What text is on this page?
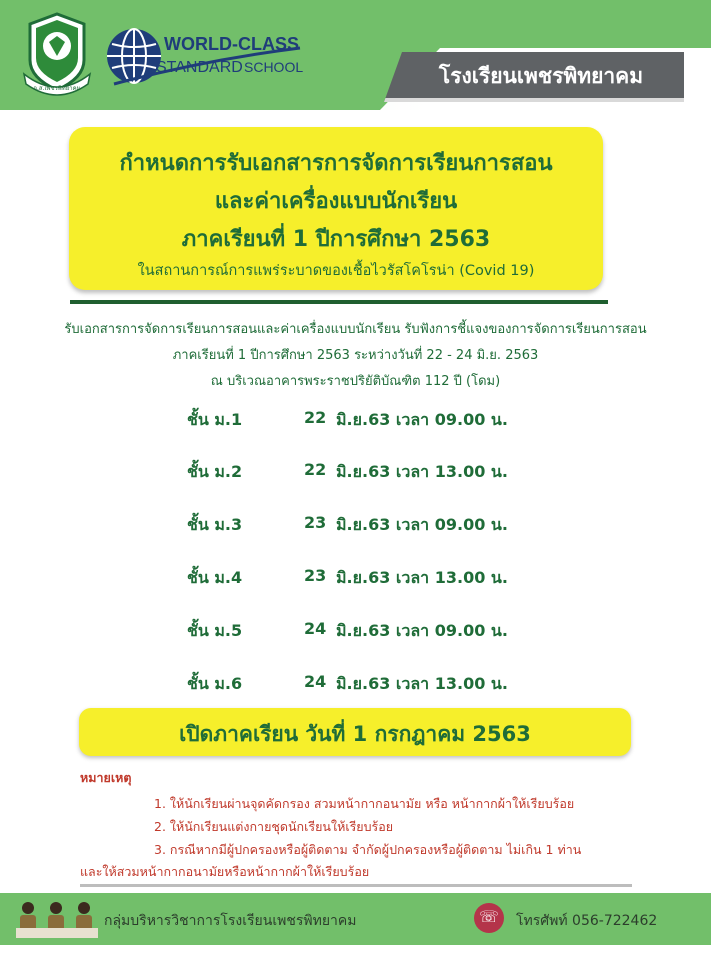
อ.ส.เพชรพิทยาคม
WORLD-CLASS
STANDARD SCHOOL	โรงเรียนเพชรพิทยาคม
กำหนดการรับเอกสารการจัดการเรียนการสอน
และค่าเครื่องแบบนักเรียน
ภาคเรียนที่ 1 ปีการศึกษา 2563
ในสถานการณ์การแพร่ระบาดของเชื้อไวรัสโคโรน่า (Covid 19)
รับเอกสารการจัดการเรียนการสอนและค่าเครื่องแบบนักเรียน รับฟังการชี้แจงของการจัดการเรียนการสอน
ภาคเรียนที่ 1 ปีการศึกษา 2563 ระหว่างวันที่ 22 - 24 มิ.ย. 2563
ณ บริเวณอาคารพระราชปริยัติบัณฑิต 112 ปี (โดม)
ชั้น ม.1	22 มิ.ย.63 เวลา 09.00 น.
ชั้น ม.2	22 มิ.ย.63 เวลา 13.00 น.
ชั้น ม.3	23 มิ.ย.63 เวลา 09.00 น.
ชั้น ม.4	23 มิ.ย.63 เวลา 13.00 น.
ชั้น ม.5	24 มิ.ย.63 เวลา 09.00 น.
ชั้น ม.6	24 มิ.ย.63 เวลา 13.00 น.
เปิดภาคเรียน วันที่ 1 กรกฎาคม 2563
หมายเหตุ
1. ให้นักเรียนผ่านจุดคัดกรอง สวมหน้ากากอนามัย หรือ หน้ากากผ้าให้เรียบร้อย
2. ให้นักเรียนแต่งกายชุดนักเรียนให้เรียบร้อย
3. กรณีหากมีผู้ปกครองหรือผู้ติดตาม จำกัดผู้ปกครองหรือผู้ติดตาม ไม่เกิน 1 ท่าน
และให้สวมหน้ากากอนามัยหรือหน้ากากผ้าให้เรียบร้อย
กลุ่มบริหารวิชาการโรงเรียนเพชรพิทยาคม	☏	โทรศัพท์ 056-722462
